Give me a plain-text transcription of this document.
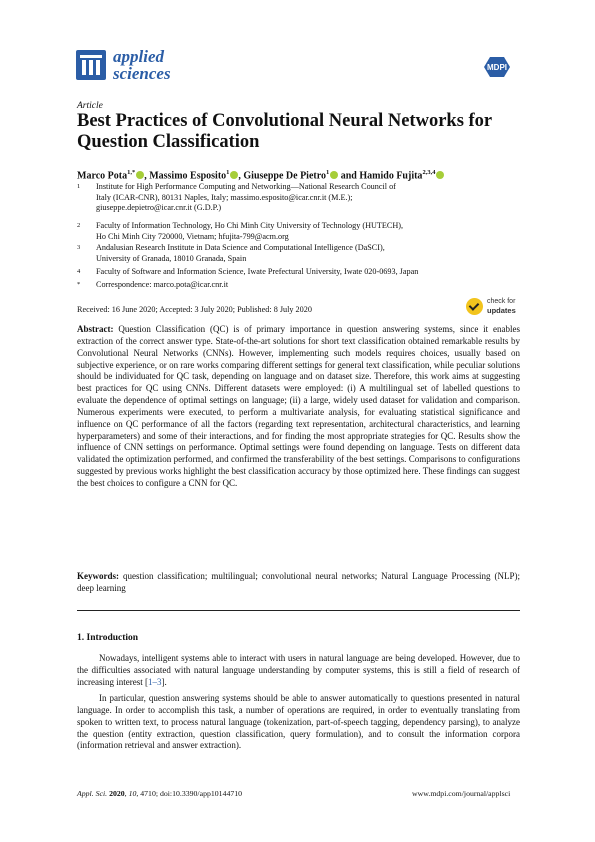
applied
sciences	MDPI
Article
Best Practices of Convolutional Neural Networks for Question Classification
Marco Pota$^{1,*}$ , Massimo Esposito$^1$ , Giuseppe De Pietro$^1$ and Hamido Fujita$^{2,3,4}$
1	Institute for High Performance Computing and Networking—National Research Council of
Italy (ICAR-CNR), 80131 Naples, Italy; massimo.esposito@icar.cnr.it (M.E.);
giuseppe.depietro@icar.cnr.it (G.D.P.)
2	Faculty of Information Technology, Ho Chi Minh City University of Technology (HUTECH),
Ho Chi Minh City 720000, Vietnam; hfujita-799@acm.org
3	Andalusian Research Institute in Data Science and Computational Intelligence (DaSCI),
University of Granada, 18010 Granada, Spain
4	Faculty of Software and Information Science, Iwate Prefectural University, Iwate 020-0693, Japan
*	Correspondence: marco.pota@icar.cnr.it
Received: 16 June 2020; Accepted: 3 July 2020; Published: 8 July 2020
check for
updates
Abstract: Question Classification (QC) is of primary importance in question answering systems, since it enables extraction of the correct answer type. State-of-the-art solutions for short text classification obtained remarkable results by Convolutional Neural Networks (CNNs). However, implementing such models requires choices, usually based on subjective experience, or on rare works comparing different settings for general text classification, while peculiar solutions should be individuated for QC task, depending on language and on dataset size. Therefore, this work aims at suggesting best practices for QC using CNNs. Different datasets were employed: (i) A multilingual set of labelled questions to evaluate the dependence of optimal settings on language; (ii) a large, widely used dataset for validation and comparison. Numerous experiments were executed, to perform a multivariate analysis, for evaluating statistical significance and influence on QC performance of all the factors (regarding text representation, architectural characteristics, and learning hyperparameters) and some of their interactions, and for finding the most appropriate strategies for QC. Results show the influence of CNN settings on performance. Optimal settings were found depending on language. Tests on different data validated the optimization performed, and confirmed the transferability of the best settings. Comparisons to configurations suggested by previous works highlight the best classification accuracy by those optimized here. These findings can suggest the best choices to configure a CNN for QC.
Keywords: question classification; multilingual; convolutional neural networks; Natural Language Processing (NLP); deep learning
1. Introduction
Nowadays, intelligent systems able to interact with users in natural language are being developed. However, due to the difficulties associated with natural language understanding by computer systems, this is still a field of research of increasing interest [1–3].
In particular, question answering systems should be able to answer automatically to questions presented in natural language. In order to accomplish this task, a number of operations are required, in order to eventually translating from spoken to written text, to process natural language (tokenization, part-of-speech tagging, dependency parsing), to analyze the question (entity extraction, question classification, query formulation), and to consult the information corpora (information retrieval and answer extraction).
Appl. Sci. 2020, 10, 4710; doi:10.3390/app10144710	www.mdpi.com/journal/applsci
